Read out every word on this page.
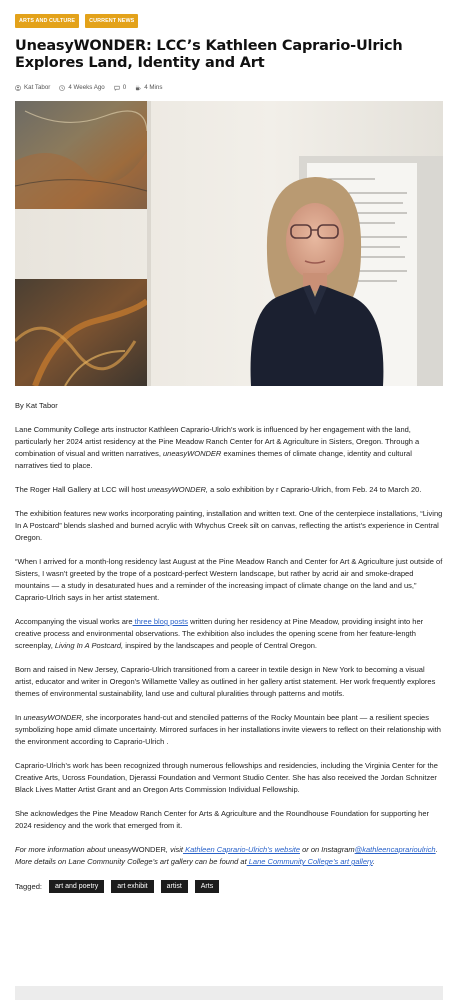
ARTS AND CULTURE	CURRENT NEWS
UneasyWONDER: LCC’s Kathleen Caprario-Ulrich Explores Land, Identity and Art
Kat Tabor	4 Weeks Ago	0	4 Mins

By Kat Tabor

Lane Community College arts instructor Kathleen Caprario-Ulrich’s work is influenced by her engagement with the land, particularly her 2024 artist residency at the Pine Meadow Ranch Center for Art & Agriculture in Sisters, Oregon. Through a combination of visual and written narratives, uneasyWONDER examines themes of climate change, identity and cultural narratives tied to place.

The Roger Hall Gallery at LCC will host uneasyWONDER, a solo exhibition by r Caprario-Ulrich, from Feb. 24 to March 20.

The exhibition features new works incorporating painting, installation and written text. One of the centerpiece installations, “Living In A Postcard” blends slashed and burned acrylic with Whychus Creek silt on canvas, reflecting the artist’s experience in Central Oregon.

“When I arrived for a month-long residency last August at the Pine Meadow Ranch and Center for Art & Agriculture just outside of Sisters, I wasn’t greeted by the trope of a postcard-perfect Western landscape, but rather by acrid air and smoke-draped mountains — a study in desaturated hues and a reminder of the increasing impact of climate change on the land and us,” Caprario-Ulrich says in her artist statement.

Accompanying the visual works are three blog posts written during her residency at Pine Meadow, providing insight into her creative process and environmental observations. The exhibition also includes the opening scene from her feature-length screenplay, Living In A Postcard, inspired by the landscapes and people of Central Oregon.

Born and raised in New Jersey, Caprario-Ulrich transitioned from a career in textile design in New York to becoming a visual artist, educator and writer in Oregon’s Willamette Valley as outlined in her gallery artist statement. Her work frequently explores themes of environmental sustainability, land use and cultural pluralities through patterns and motifs.

In uneasyWONDER, she incorporates hand-cut and stenciled patterns of the Rocky Mountain bee plant — a resilient species symbolizing hope amid climate uncertainty. Mirrored surfaces in her installations invite viewers to reflect on their relationship with the environment according to Caprario-Ulrich .

Caprario-Ulrich’s work has been recognized through numerous fellowships and residencies, including the Virginia Center for the Creative Arts, Ucross Foundation, Djerassi Foundation and Vermont Studio Center. She has also received the Jordan Schnitzer Black Lives Matter Artist Grant and an Oregon Arts Commission Individual Fellowship.

She acknowledges the Pine Meadow Ranch Center for Arts & Agriculture and the Roundhouse Foundation for supporting her 2024 residency and the work that emerged from it.

For more information about uneasyWONDER, visit Kathleen Caprario-Ulrich’s website or on Instagram@kathleencaprarioulrich. More details on Lane Community College’s art gallery can be found at Lane Community College’s art gallery.

Tagged:	art and poetry	art exhibit	artist	Arts
